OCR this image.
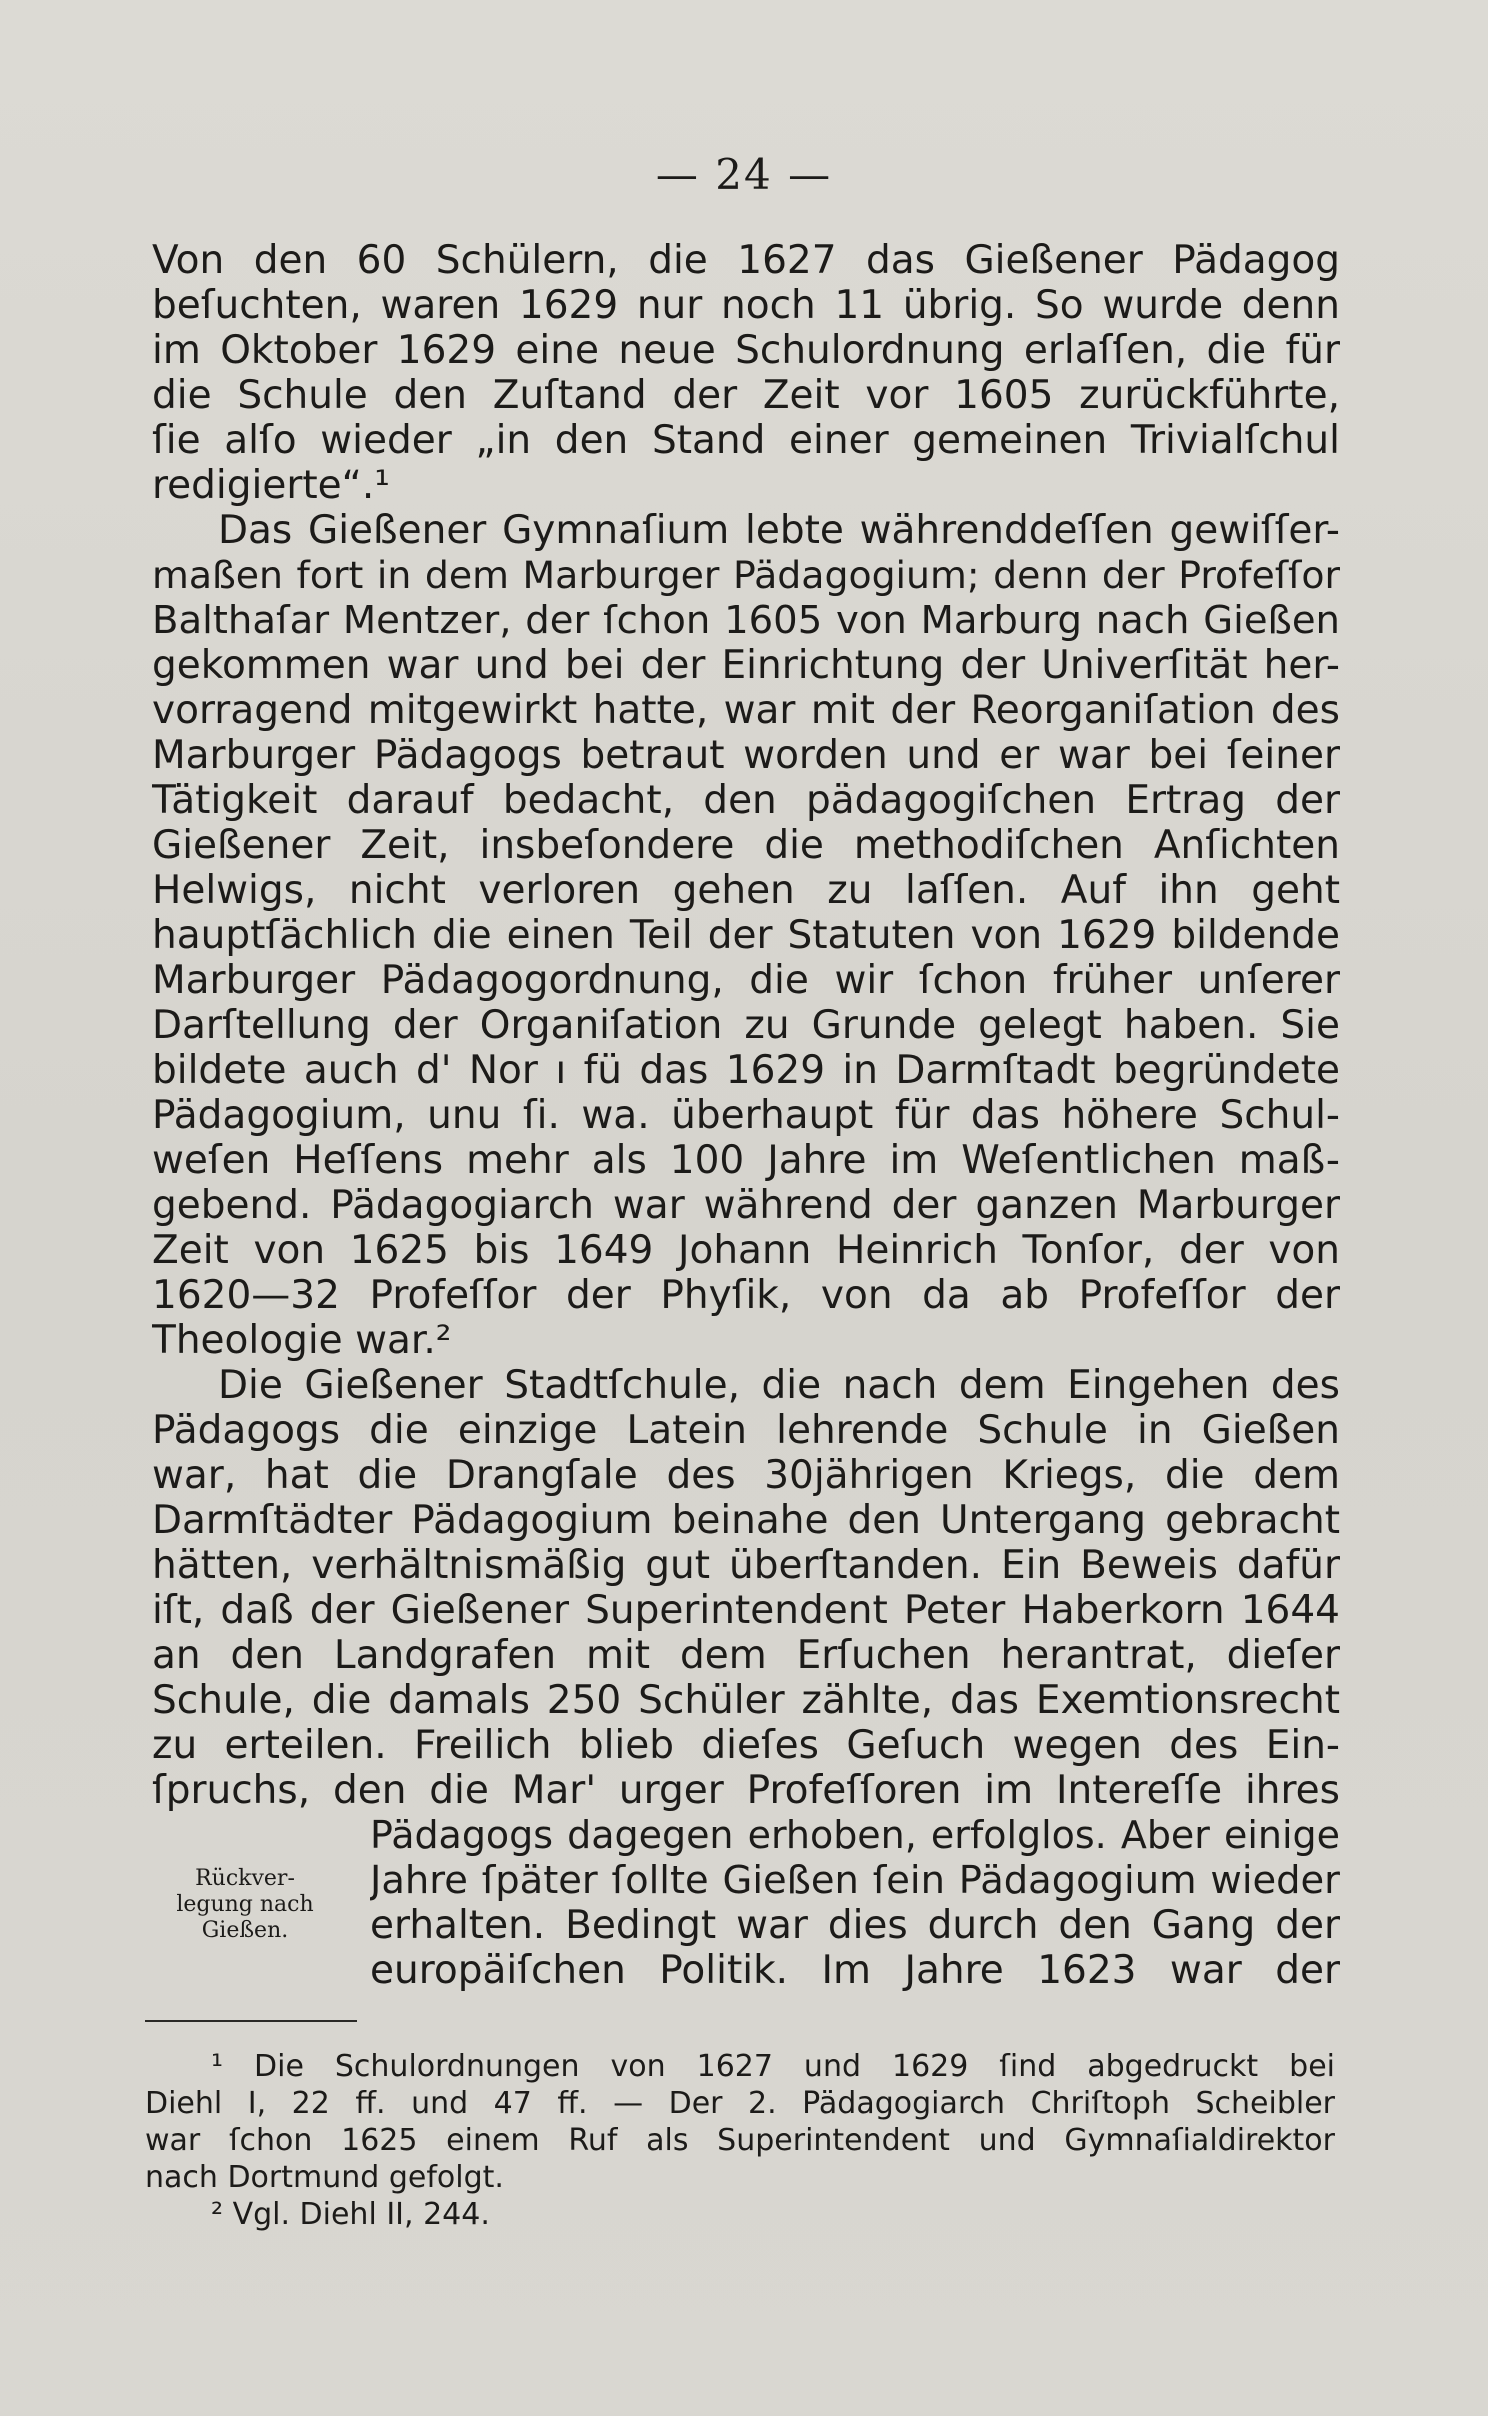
— 24 —
Von den 60 Schülern, die 1627 das Gießener Pädagog
beſuchten, waren 1629 nur noch 11 übrig. So wurde denn
im Oktober 1629 eine neue Schulordnung erlaſſen, die für
die Schule den Zuſtand der Zeit vor 1605 zurückführte,
ſie alſo wieder „in den Stand einer gemeinen Trivialſchul
redigierte“.¹
Das Gießener Gymnaſium lebte währenddeſſen gewiſſer-
maßen fort in dem Marburger Pädagogium; denn der Profeſſor
Balthaſar Mentzer, der ſchon 1605 von Marburg nach Gießen
gekommen war und bei der Einrichtung der Univerſität her-
vorragend mitgewirkt hatte, war mit der Reorganiſation des
Marburger Pädagogs betraut worden und er war bei ſeiner
Tätigkeit darauf bedacht, den pädagogiſchen Ertrag der
Gießener Zeit, insbeſondere die methodiſchen Anſichten
Helwigs, nicht verloren gehen zu laſſen. Auf ihn geht
hauptſächlich die einen Teil der Statuten von 1629 bildende
Marburger Pädagogordnung, die wir ſchon früher unſerer
Darſtellung der Organiſation zu Grunde gelegt haben. Sie
bildete auch d' Nor ı fü das 1629 in Darmſtadt begründete
Pädagogium, unu ſi. wa. überhaupt für das höhere Schul-
weſen Heſſens mehr als 100 Jahre im Weſentlichen maß-
gebend. Pädagogiarch war während der ganzen Marburger
Zeit von 1625 bis 1649 Johann Heinrich Tonſor, der von
1620—32 Profeſſor der Phyſik, von da ab Profeſſor der
Theologie war.²
Die Gießener Stadtſchule, die nach dem Eingehen des
Pädagogs die einzige Latein lehrende Schule in Gießen
war, hat die Drangſale des 30jährigen Kriegs, die dem
Darmſtädter Pädagogium beinahe den Untergang gebracht
hätten, verhältnismäßig gut überſtanden. Ein Beweis dafür
iſt, daß der Gießener Superintendent Peter Haberkorn 1644
an den Landgrafen mit dem Erſuchen herantrat, dieſer
Schule, die damals 250 Schüler zählte, das Exemtionsrecht
zu erteilen. Freilich blieb dieſes Geſuch wegen des Ein-
ſpruchs, den die Mar' urger Profeſſoren im Intereſſe ihres
Pädagogs dagegen erhoben, erfolglos. Aber einige
Jahre ſpäter ſollte Gießen ſein Pädagogium wieder
erhalten. Bedingt war dies durch den Gang der
europäiſchen Politik. Im Jahre 1623 war der
Rückver-
legung nach
Gießen.
¹ Die Schulordnungen von 1627 und 1629 ſind abgedruckt bei
Diehl I, 22 ff. und 47 ff. — Der 2. Pädagogiarch Chriſtoph Scheibler
war ſchon 1625 einem Ruf als Superintendent und Gymnaſialdirektor
nach Dortmund gefolgt.
² Vgl. Diehl II, 244.
